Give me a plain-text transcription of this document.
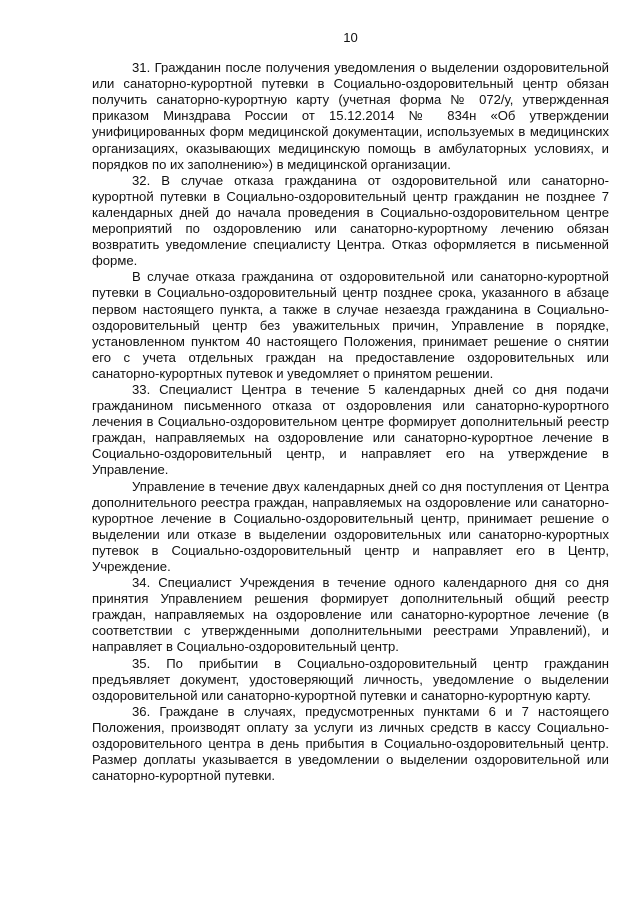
10

31. Гражданин после получения уведомления о выделении оздоровительной или санаторно-курортной путевки в Социально-оздоровительный центр обязан получить санаторно-курортную карту (учетная форма № 072/у, утвержденная приказом Минздрава России от 15.12.2014 № 834н «Об утверждении унифицированных форм медицинской документации, используемых в медицинских организациях, оказывающих медицинскую помощь в амбулаторных условиях, и порядков по их заполнению») в медицинской организации.

32. В случае отказа гражданина от оздоровительной или санаторно-курортной путевки в Социально-оздоровительный центр гражданин не позднее 7 календарных дней до начала проведения в Социально-оздоровительном центре мероприятий по оздоровлению или санаторно-курортному лечению обязан возвратить уведомление специалисту Центра. Отказ оформляется в письменной форме.

В случае отказа гражданина от оздоровительной или санаторно-курортной путевки в Социально-оздоровительный центр позднее срока, указанного в абзаце первом настоящего пункта, а также в случае незаезда гражданина в Социально-оздоровительный центр без уважительных причин, Управление в порядке, установленном пунктом 40 настоящего Положения, принимает решение о снятии его с учета отдельных граждан на предоставление оздоровительных или санаторно-курортных путевок и уведомляет о принятом решении.

33. Специалист Центра в течение 5 календарных дней со дня подачи гражданином письменного отказа от оздоровления или санаторно-курортного лечения в Социально-оздоровительном центре формирует дополнительный реестр граждан, направляемых на оздоровление или санаторно-курортное лечение в Социально-оздоровительный центр, и направляет его на утверждение в Управление.

Управление в течение двух календарных дней со дня поступления от Центра дополнительного реестра граждан, направляемых на оздоровление или санаторно-курортное лечение в Социально-оздоровительный центр, принимает решение о выделении или отказе в выделении оздоровительных или санаторно-курортных путевок в Социально-оздоровительный центр и направляет его в Центр, Учреждение.

34. Специалист Учреждения в течение одного календарного дня со дня принятия Управлением решения формирует дополнительный общий реестр граждан, направляемых на оздоровление или санаторно-курортное лечение (в соответствии с утвержденными дополнительными реестрами Управлений), и направляет в Социально-оздоровительный центр.

35. По прибытии в Социально-оздоровительный центр гражданин предъявляет документ, удостоверяющий личность, уведомление о выделении оздоровительной или санаторно-курортной путевки и санаторно-курортную карту.

36. Граждане в случаях, предусмотренных пунктами 6 и 7 настоящего Положения, производят оплату за услуги из личных средств в кассу Социально-оздоровительного центра в день прибытия в Социально-оздоровительный центр. Размер доплаты указывается в уведомлении о выделении оздоровительной или санаторно-курортной путевки.
